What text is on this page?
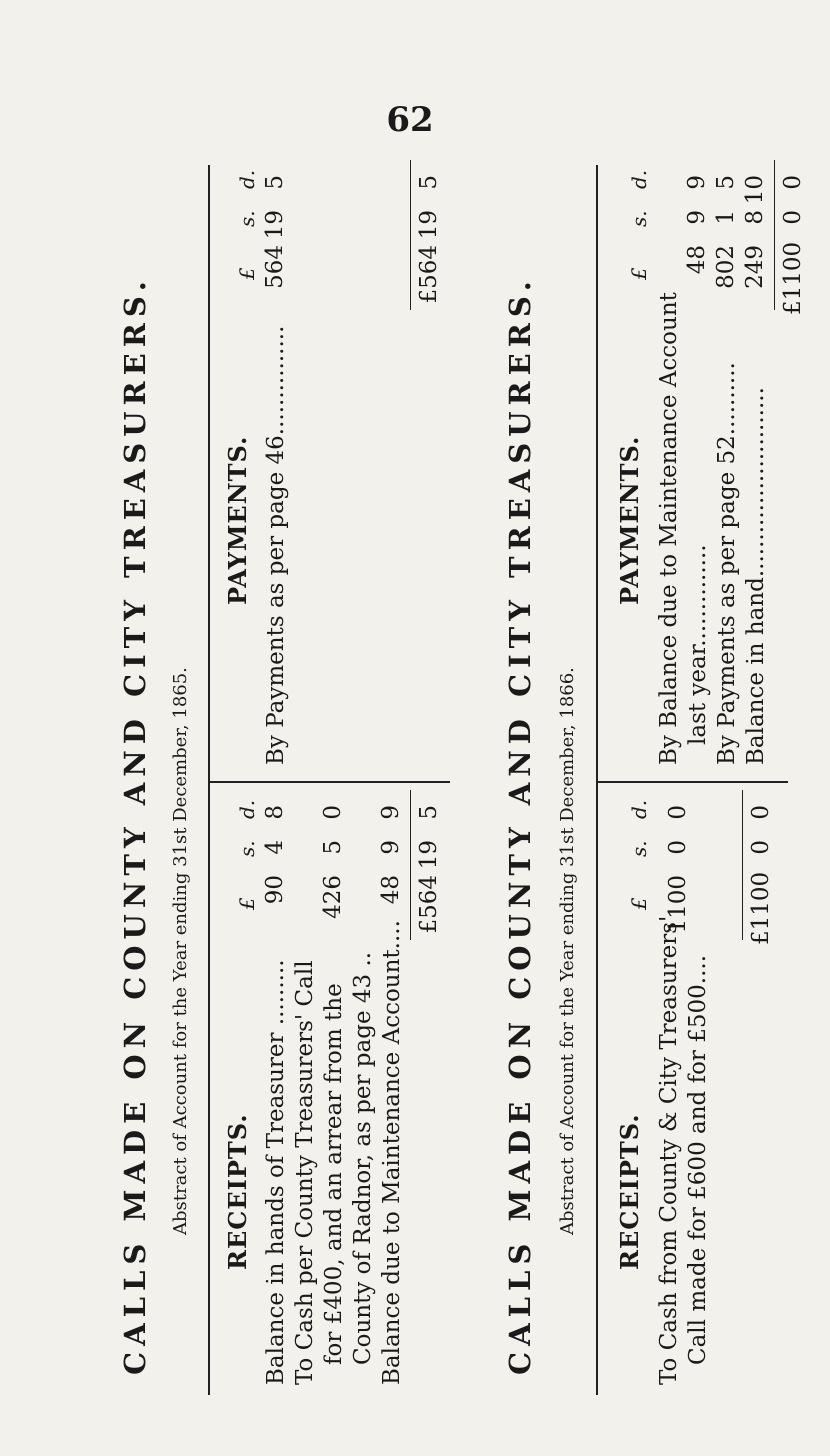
62
CALLS MADE ON COUNTY AND CITY TREASURERS. Abstract of Account for the Year ending 31st December, 1865. RECEIPTS.
£
s.
d.
Balance in hands of Treasurer ......... To Cash per County Treasurers' Call for £400, and an arrear from the County of Radnor, as per page 43 .. Balance due to Maintenance Account....
90
4
8
426
5
0
48
9
9
£564
19
5
PAYMENTS.
£
s.
d.
By Payments as per page 46...............
564
19
5
£564
19
5
CALLS MADE ON COUNTY AND CITY TREASURERS. Abstract of Account for the Year ending 31st December, 1866. RECEIPTS.
£
s.
d.
To Cash from County & City Treasurers' Call made for £600 and for £500....
1100
0
0
£1100
0
0
PAYMENTS.
£
s.
d.
By Balance due to Maintenance Account last year.............. By Payments as per page 52.......... Balance in hand..........................
48
9
9
802
1
5
249
8
10
£1100
0
0
